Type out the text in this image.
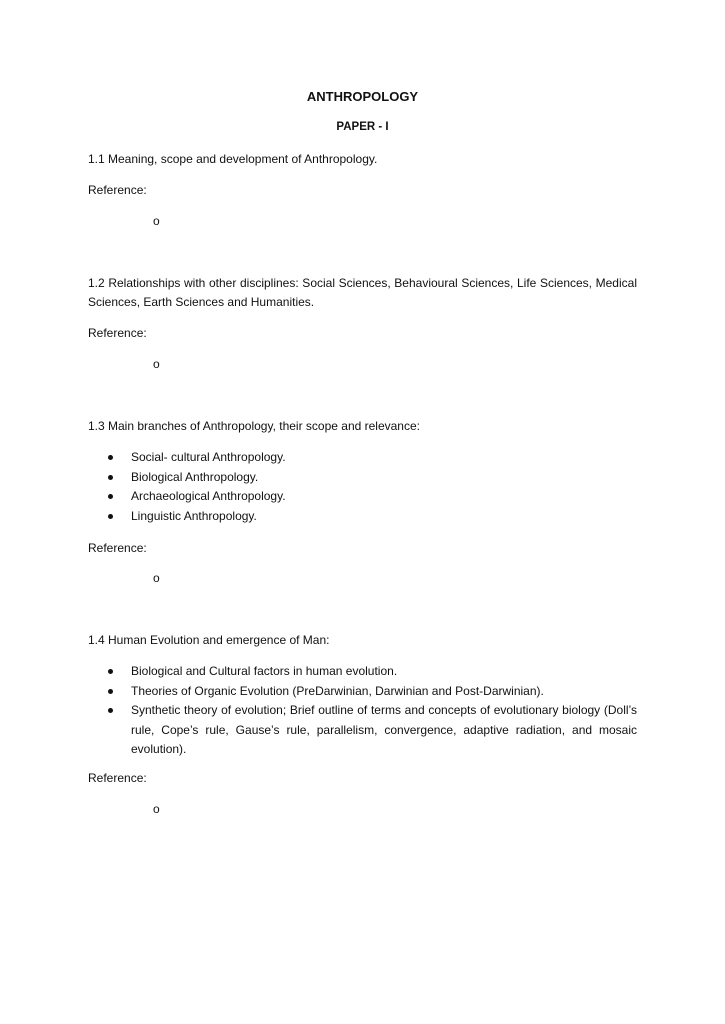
ANTHROPOLOGY
PAPER - I
1.1 Meaning, scope and development of Anthropology.
Reference:
o
1.2 Relationships with other disciplines: Social Sciences, Behavioural Sciences, Life Sciences, Medical Sciences, Earth Sciences and Humanities.
Reference:
o
1.3 Main branches of Anthropology, their scope and relevance:
Social- cultural Anthropology.
Biological Anthropology.
Archaeological Anthropology.
Linguistic Anthropology.
Reference:
o
1.4 Human Evolution and emergence of Man:
Biological and Cultural factors in human evolution.
Theories of Organic Evolution (PreDarwinian, Darwinian and Post-Darwinian).
Synthetic theory of evolution; Brief outline of terms and concepts of evolutionary biology (Doll’s rule, Cope’s rule, Gause’s rule, parallelism, convergence, adaptive radiation, and mosaic evolution).
Reference:
o
